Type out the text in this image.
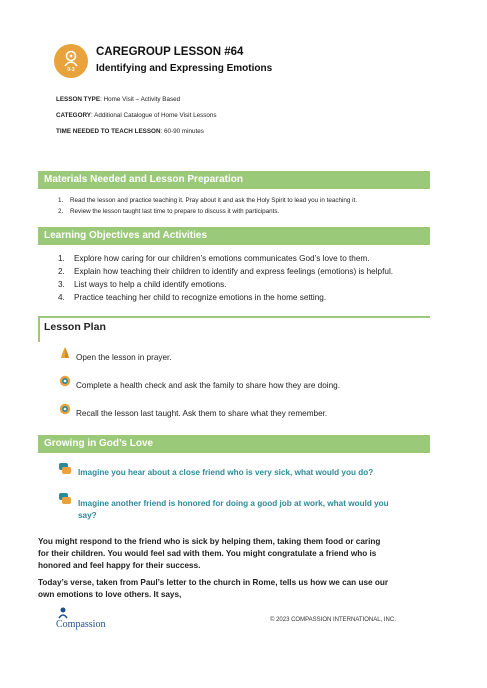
0-3
CAREGROUP LESSON #64
Identifying and Expressing Emotions
LESSON TYPE: Home Visit – Activity Based
CATEGORY: Additional Catalogue of Home Visit Lessons
TIME NEEDED TO TEACH LESSON: 60-90 minutes
Materials Needed and Lesson Preparation
1. Read the lesson and practice teaching it. Pray about it and ask the Holy Spirit to lead you in teaching it.
2. Review the lesson taught last time to prepare to discuss it with participants.
Learning Objectives and Activities
1. Explore how caring for our children’s emotions communicates God’s love to them.
2. Explain how teaching their children to identify and express feelings (emotions) is helpful.
3. List ways to help a child identify emotions.
4. Practice teaching her child to recognize emotions in the home setting.
Lesson Plan
Open the lesson in prayer.
Complete a health check and ask the family to share how they are doing.
Recall the lesson last taught. Ask them to share what they remember.
Growing in God’s Love
Imagine you hear about a close friend who is very sick, what would you do?
Imagine another friend is honored for doing a good job at work, what would you
say?
You might respond to the friend who is sick by helping them, taking them food or caring
for their children. You would feel sad with them. You might congratulate a friend who is
honored and feel happy for their success.
Today’s verse, taken from Paul’s letter to the church in Rome, tells us how we can use our
own emotions to love others. It says,
Compassion	© 2023 COMPASSION INTERNATIONAL, INC.
